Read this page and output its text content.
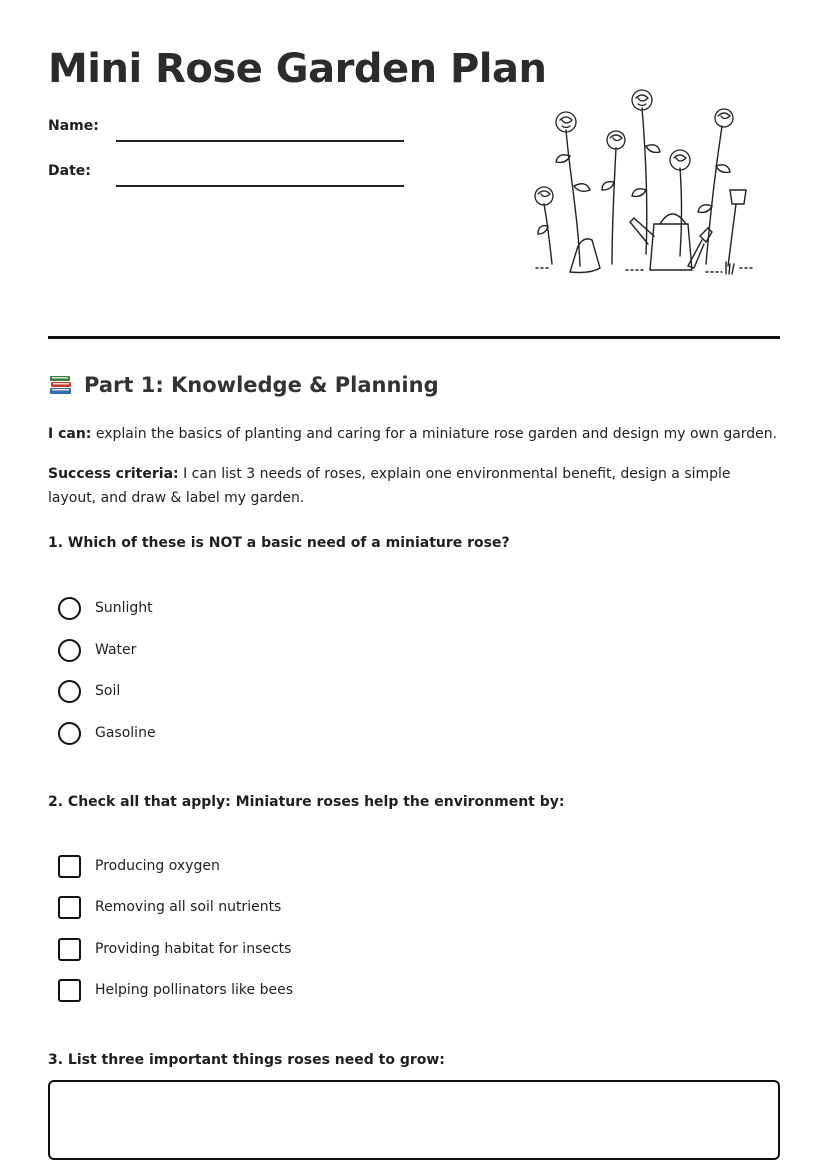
Mini Rose Garden Plan
Name:
Date:
Part 1: Knowledge & Planning

I can: explain the basics of planting and caring for a miniature rose garden and design my own garden.

Success criteria: I can list 3 needs of roses, explain one environmental benefit, design a simple layout, and draw & label my garden.

1. Which of these is NOT a basic need of a miniature rose?

Sunlight
Water
Soil
Gasoline

2. Check all that apply: Miniature roses help the environment by:

Producing oxygen
Removing all soil nutrients
Providing habitat for insects
Helping pollinators like bees

3. List three important things roses need to grow:
